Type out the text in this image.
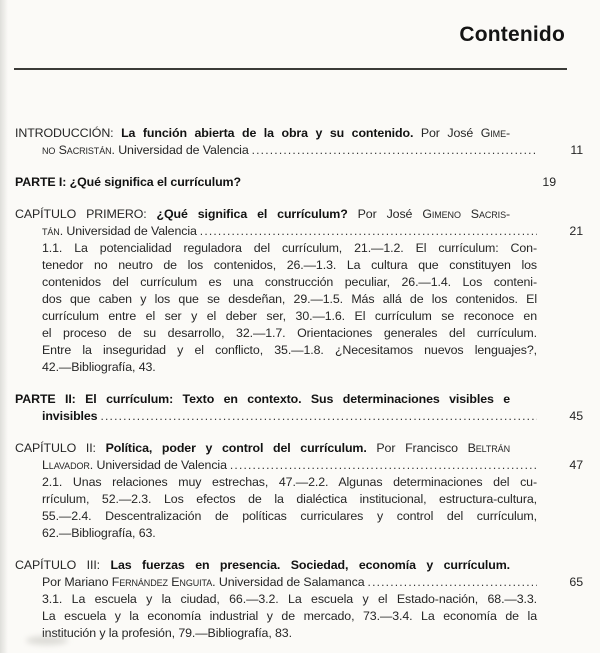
Contenido
INTRODUCCIÓN: La función abierta de la obra y su contenido. Por José Gime-
no Sacristán. Universidad de Valencia .....	11
PARTE I: ¿Qué significa el currículum?	19
CAPÍTULO PRIMERO: ¿Qué significa el currículum? Por José Gimeno Sacris-
tán. Universidad de Valencia .....	21
1.1. La potencialidad reguladora del currículum, 21.—1.2. El currículum: Con-
tenedor no neutro de los contenidos, 26.—1.3. La cultura que constituyen los
contenidos del currículum es una construcción peculiar, 26.—1.4. Los conteni-
dos que caben y los que se desdeñan, 29.—1.5. Más allá de los contenidos. El
currículum entre el ser y el deber ser, 30.—1.6. El currículum se reconoce en
el proceso de su desarrollo, 32.—1.7. Orientaciones generales del currículum.
Entre la inseguridad y el conflicto, 35.—1.8. ¿Necesitamos nuevos lenguajes?,
42.—Bibliografía, 43.
PARTE II: El currículum: Texto en contexto. Sus determinaciones visibles e
invisibles .....	45
CAPÍTULO II: Política, poder y control del currículum. Por Francisco Beltrán
Llavador. Universidad de Valencia .....	47
2.1. Unas relaciones muy estrechas, 47.—2.2. Algunas determinaciones del cu-
rrículum, 52.—2.3. Los efectos de la dialéctica institucional, estructura-cultura,
55.—2.4. Descentralización de políticas curriculares y control del currículum,
62.—Bibliografía, 63.
CAPÍTULO III: Las fuerzas en presencia. Sociedad, economía y currículum.
Por Mariano Fernández Enguita. Universidad de Salamanca .....	65
3.1. La escuela y la ciudad, 66.—3.2. La escuela y el Estado-nación, 68.—3.3.
La escuela y la economía industrial y de mercado, 73.—3.4. La economía de la
institución y la profesión, 79.—Bibliografía, 83.
